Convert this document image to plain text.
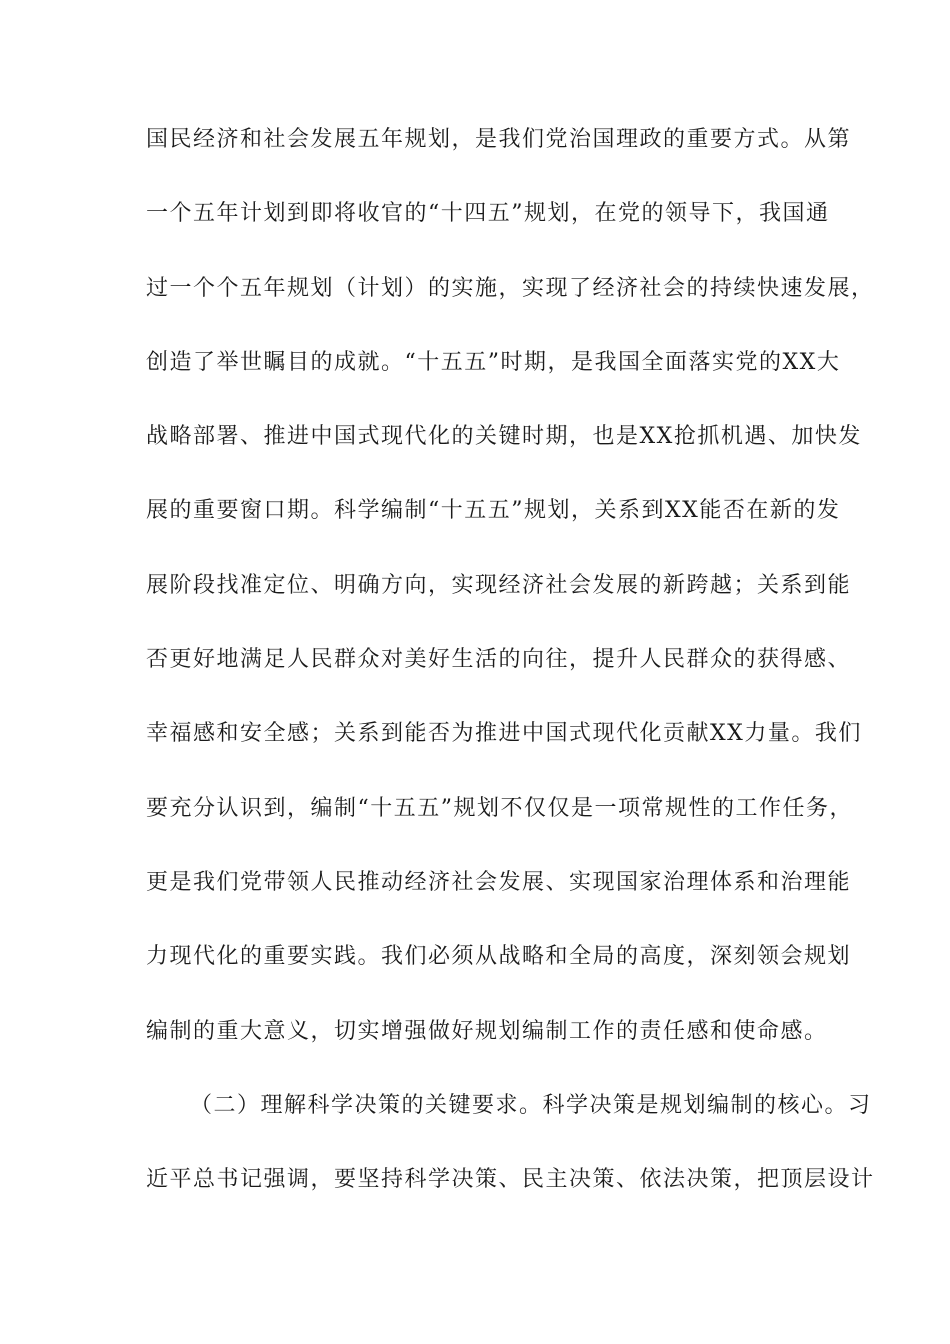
国民经济和社会发展五年规划，是我们党治国理政的重要方式。从第
一个五年计划到即将收官的“十四五”规划，在党的领导下，我国通
过一个个五年规划（计划）的实施，实现了经济社会的持续快速发展，
创造了举世瞩目的成就。“十五五”时期，是我国全面落实党的XX大
战略部署、推进中国式现代化的关键时期，也是XX抢抓机遇、加快发
展的重要窗口期。科学编制“十五五”规划，关系到XX能否在新的发
展阶段找准定位、明确方向，实现经济社会发展的新跨越；关系到能
否更好地满足人民群众对美好生活的向往，提升人民群众的获得感、
幸福感和安全感；关系到能否为推进中国式现代化贡献XX力量。我们
要充分认识到，编制“十五五”规划不仅仅是一项常规性的工作任务，
更是我们党带领人民推动经济社会发展、实现国家治理体系和治理能
力现代化的重要实践。我们必须从战略和全局的高度，深刻领会规划
编制的重大意义，切实增强做好规划编制工作的责任感和使命感。
（二）理解科学决策的关键要求。科学决策是规划编制的核心。习
近平总书记强调，要坚持科学决策、民主决策、依法决策，把顶层设计
